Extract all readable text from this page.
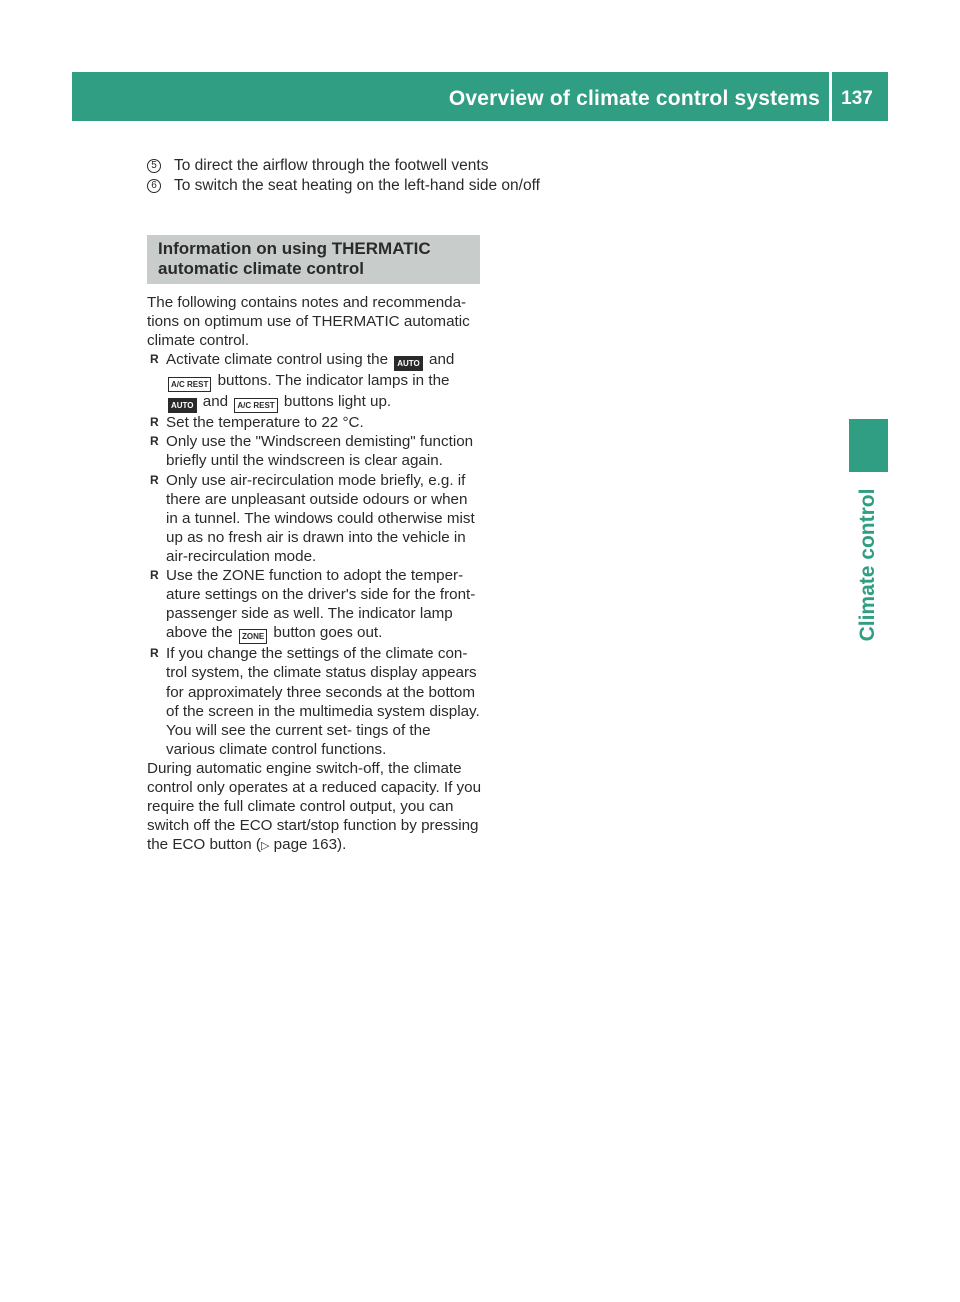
Overview of climate control systems 137
Climate control
5 To direct the airflow through the footwell vents
6 To switch the seat heating on the left-hand side on/off
Information on using THERMATIC
automatic climate control

The following contains notes and recommenda- tions on optimum use of THERMATIC automatic climate control.

R Activate climate control using the AUTO and A/C REST buttons. The indicator lamps in the AUTO and A/C REST buttons light up.
R Set the temperature to 22 °C.
R Only use the "Windscreen demisting" function briefly until the windscreen is clear again.
R Only use air-recirculation mode briefly, e.g. if there are unpleasant outside odours or when in a tunnel. The windows could otherwise mist up as no fresh air is drawn into the vehicle in air-recirculation mode.
R Use the ZONE function to adopt the temper- ature settings on the driver's side for the front-passenger side as well. The indicator lamp above the ZONE button goes out.
R If you change the settings of the climate con- trol system, the climate status display appears for approximately three seconds at the bottom of the screen in the multimedia system display. You will see the current set- tings of the various climate control functions.

During automatic engine switch-off, the climate control only operates at a reduced capacity. If you require the full climate control output, you can switch off the ECO start/stop function by pressing the ECO button (▷ page 163).
